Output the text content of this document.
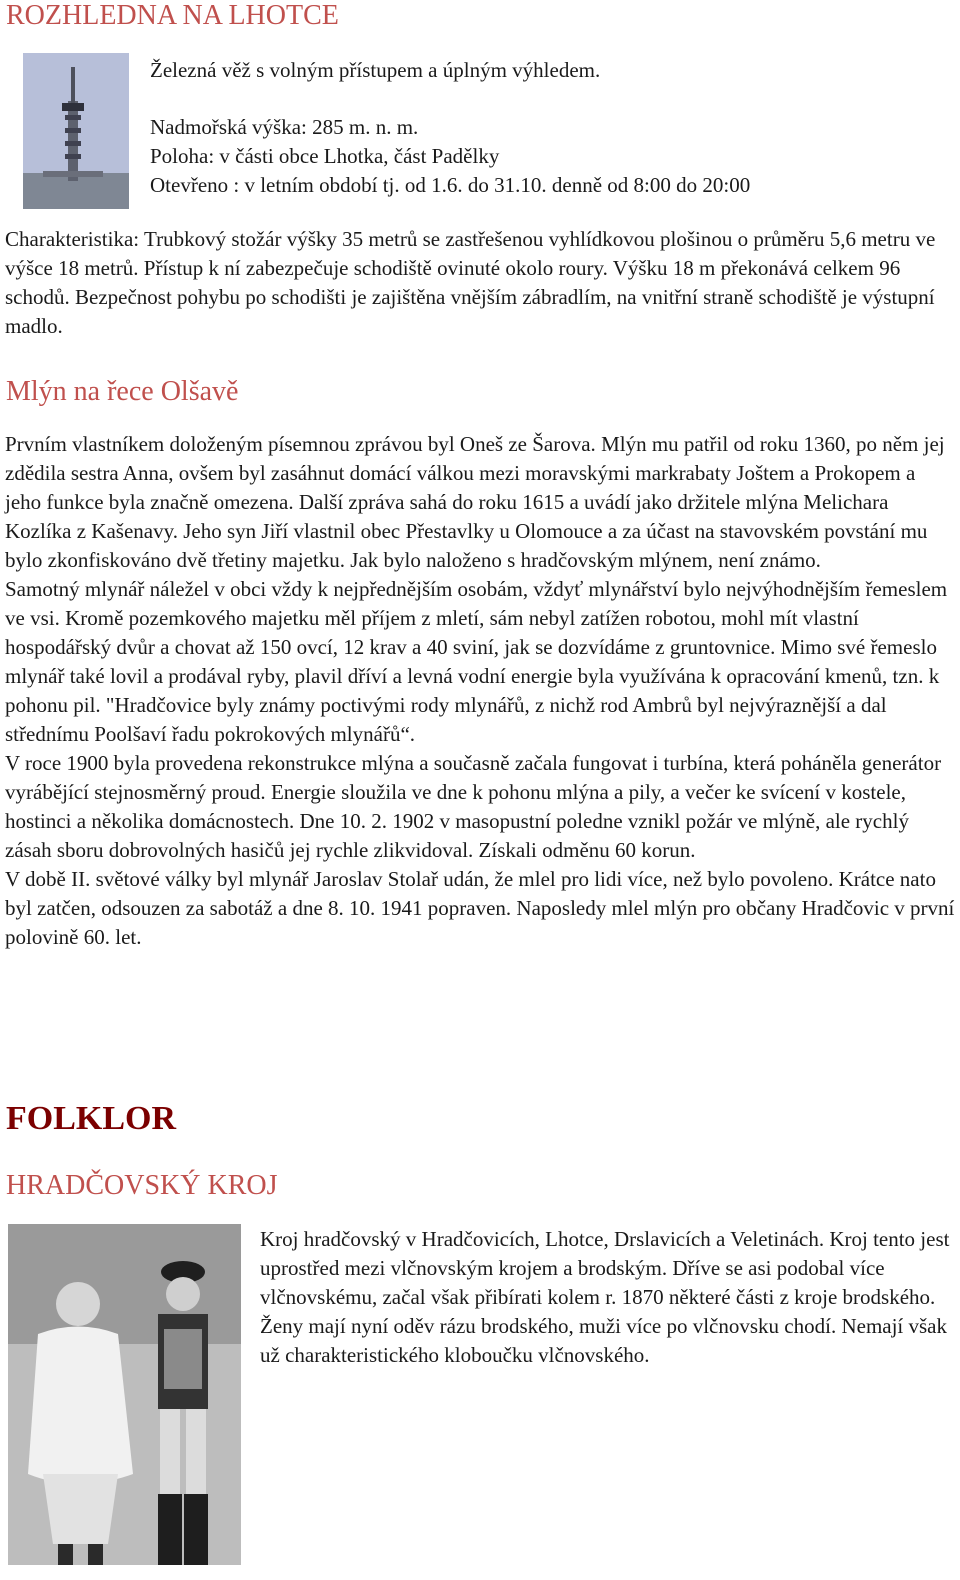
ROZHLEDNA NA LHOTCE

Železná věž s volným přístupem a úplným výhledem.

Nadmořská výška: 285 m. n. m.

Poloha: v části obce Lhotka, část Padělky

Otevřeno : v letním období tj. od 1.6. do 31.10. denně od 8:00 do 20:00

Charakteristika: Trubkový stožár výšky 35 metrů se zastřešenou vyhlídkovou plošinou o průměru 5,6 metru ve výšce 18 metrů. Přístup k ní zabezpečuje schodiště ovinuté okolo roury. Výšku 18 m překonává celkem 96 schodů. Bezpečnost pohybu po schodišti je zajištěna vnějším zábradlím, na vnitřní straně schodiště je výstupní madlo.

Mlýn na řece Olšavě
Prvním vlastníkem doloženým písemnou zprávou byl Oneš ze Šarova. Mlýn mu patřil od roku 1360, po něm jej zdědila sestra Anna, ovšem byl zasáhnut domácí válkou mezi moravskými markrabaty Joštem a Prokopem a jeho funkce byla značně omezena. Další zpráva sahá do roku 1615 a uvádí jako držitele mlýna Melichara Kozlíka z Kašenavy. Jeho syn Jiří vlastnil obec Přestavlky u Olomouce a za účast na stavovském povstání mu bylo zkonfiskováno dvě třetiny majetku. Jak bylo naloženo s hradčovským mlýnem, není známo.
Samotný mlynář náležel v obci vždy k nejpřednějším osobám, vždyť mlynářství bylo nejvýhodnějším řemeslem ve vsi. Kromě pozemkového majetku měl příjem z mletí, sám nebyl zatížen robotou, mohl mít vlastní hospodářský dvůr a chovat až 150 ovcí, 12 krav a 40 sviní, jak se dozvídáme z gruntovnice. Mimo své řemeslo mlynář také lovil a prodával ryby, plavil dříví a levná vodní energie byla využívána k opracování kmenů, tzn. k pohonu pil. "Hradčovice byly známy poctivými rody mlynářů, z nichž rod Ambrů byl nejvýraznější a dal střednímu Poolšaví řadu pokrokových mlynářů“.
V roce 1900 byla provedena rekonstrukce mlýna a současně začala fungovat i turbína, která poháněla generátor vyrábějící stejnosměrný proud. Energie sloužila ve dne k pohonu mlýna a pily, a večer ke svícení v kostele, hostinci a několika domácnostech. Dne 10. 2. 1902 v masopustní poledne vznikl požár ve mlýně, ale rychlý zásah sboru dobrovolných hasičů jej rychle zlikvidoval. Získali odměnu 60 korun.
V době II. světové války byl mlynář Jaroslav Stolař udán, že mlel pro lidi více, než bylo povoleno. Krátce nato byl zatčen, odsouzen za sabotáž a dne 8. 10. 1941 popraven. Naposledy mlel mlýn pro občany Hradčovic v první polovině 60. let.
FOLKLOR
HRADČOVSKÝ KROJ
Kroj hradčovský v Hradčovicích, Lhotce, Drslavicích a Veletinách. Kroj tento jest uprostřed mezi vlčnovským krojem a brodským. Dříve se asi podobal více vlčnovskému, začal však přibírati kolem r. 1870 některé části z kroje brodského. Ženy mají nyní oděv rázu brodského, muži více po vlčnovsku chodí. Nemají však už charakteristického kloboučku vlčnovského.
